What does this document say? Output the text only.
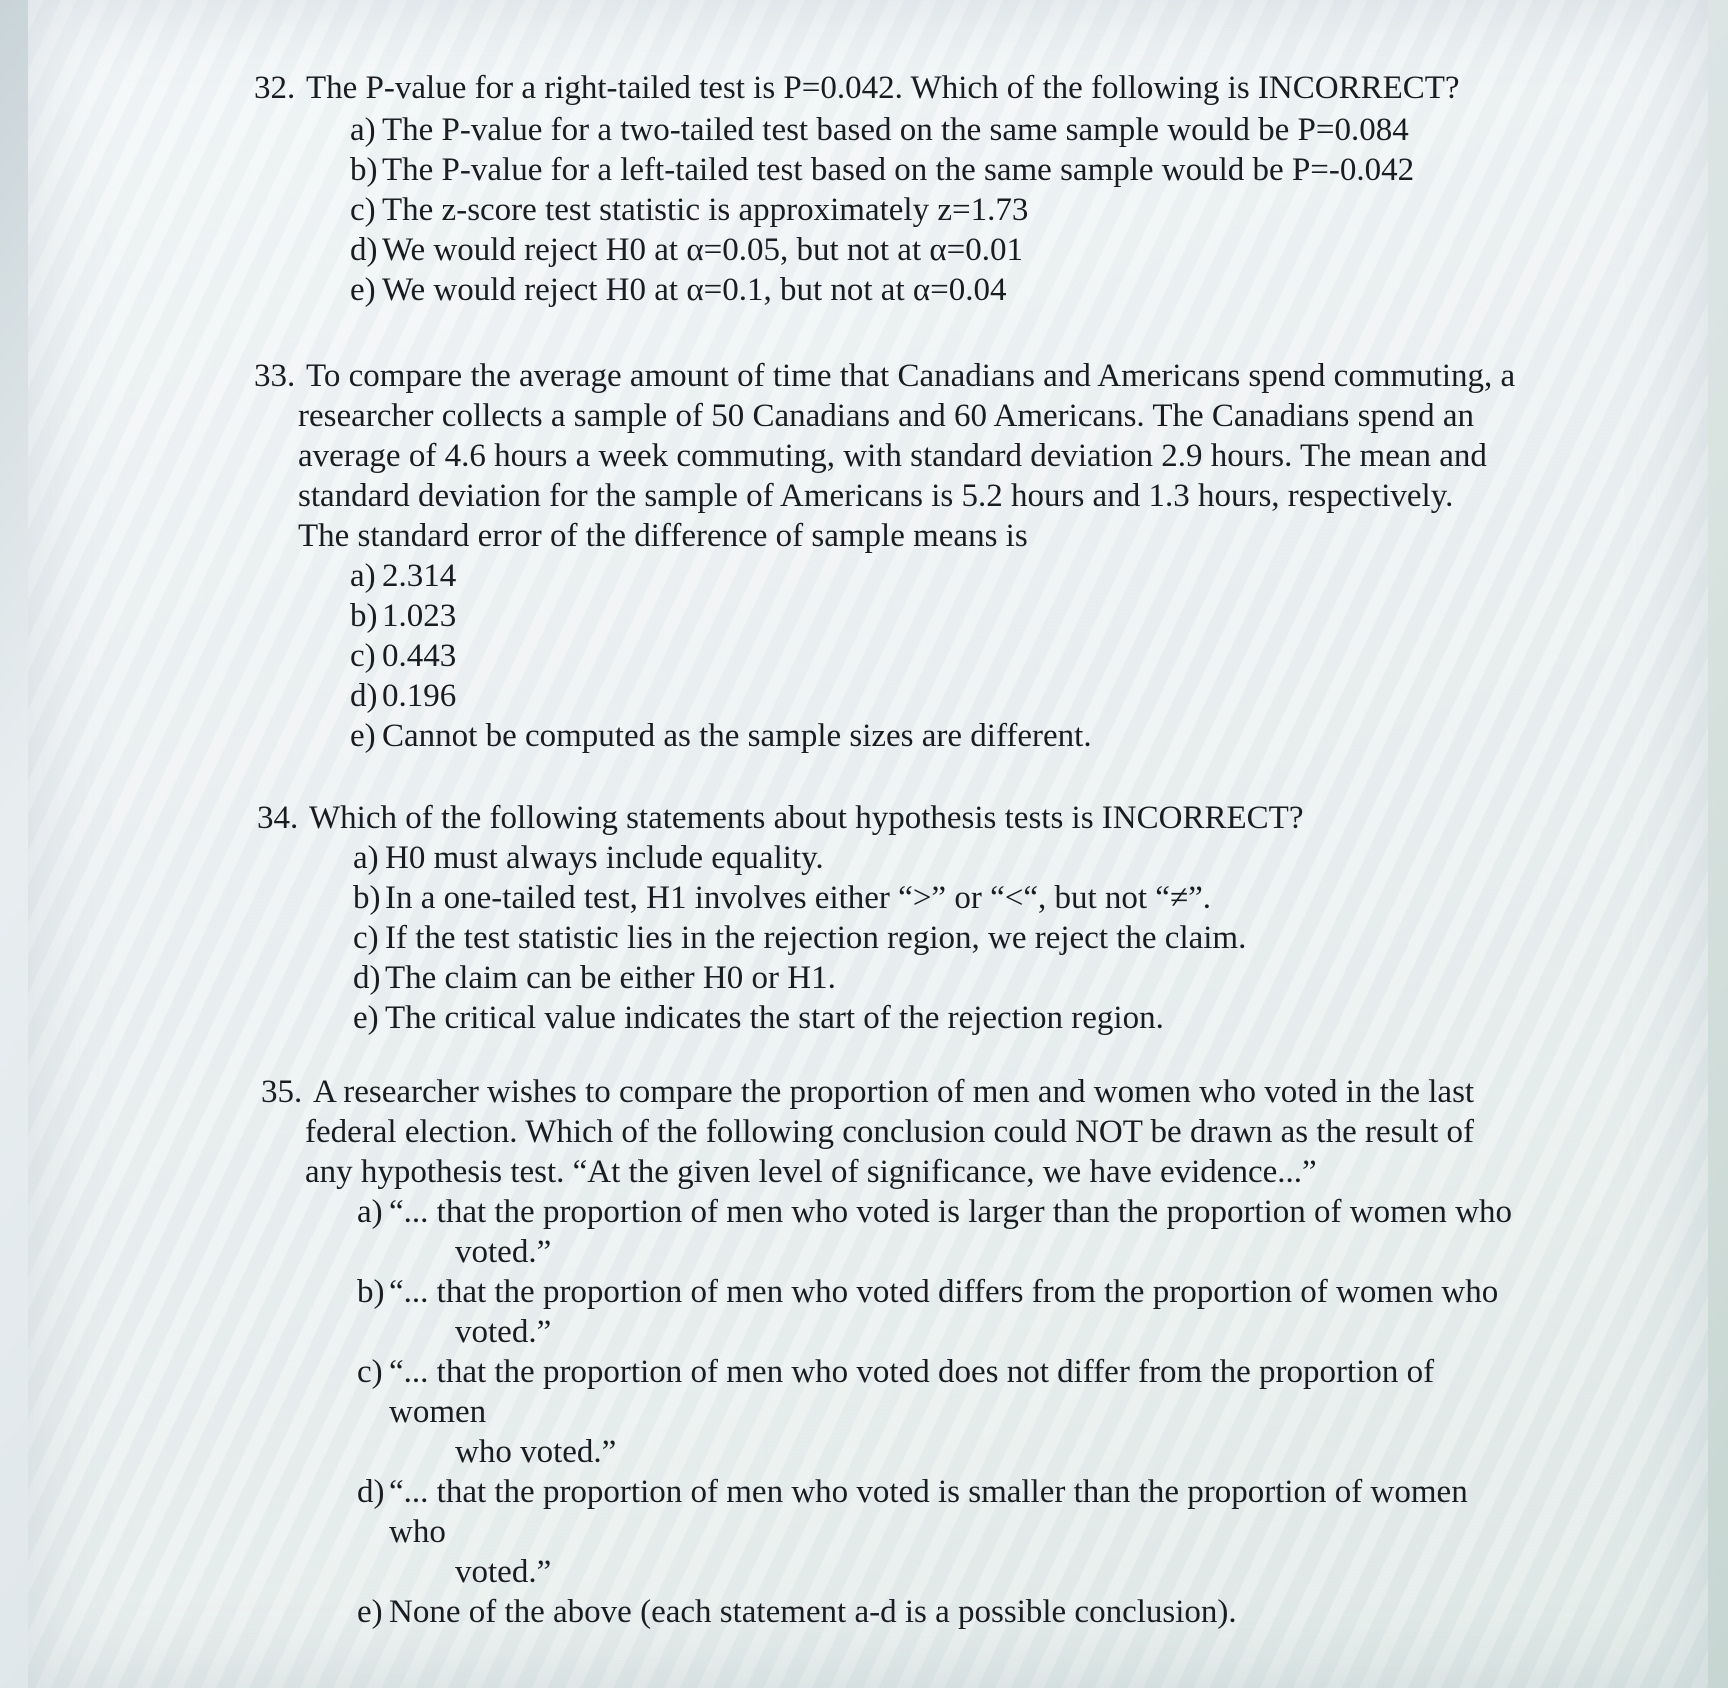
32. The P-value for a right-tailed test is P=0.042. Which of the following is INCORRECT?
a) The P-value for a two-tailed test based on the same sample would be P=0.084
b) The P-value for a left-tailed test based on the same sample would be P=-0.042
c) The z-score test statistic is approximately z=1.73
d) We would reject H0 at α=0.05, but not at α=0.01
e) We would reject H0 at α=0.1, but not at α=0.04
33. To compare the average amount of time that Canadians and Americans spend commuting, a
researcher collects a sample of 50 Canadians and 60 Americans. The Canadians spend an
average of 4.6 hours a week commuting, with standard deviation 2.9 hours. The mean and
standard deviation for the sample of Americans is 5.2 hours and 1.3 hours, respectively.
The standard error of the difference of sample means is
a) 2.314
b) 1.023
c) 0.443
d) 0.196
e) Cannot be computed as the sample sizes are different.
34. Which of the following statements about hypothesis tests is INCORRECT?
a) H0 must always include equality.
b) In a one-tailed test, H1 involves either “>” or “<“, but not “≠”.
c) If the test statistic lies in the rejection region, we reject the claim.
d) The claim can be either H0 or H1.
e) The critical value indicates the start of the rejection region.
35. A researcher wishes to compare the proportion of men and women who voted in the last
federal election. Which of the following conclusion could NOT be drawn as the result of
any hypothesis test. “At the given level of significance, we have evidence...”
a) “... that the proportion of men who voted is larger than the proportion of women who
voted.”
b) “... that the proportion of men who voted differs from the proportion of women who
voted.”
c) “... that the proportion of men who voted does not differ from the proportion of women
who voted.”
d) “... that the proportion of men who voted is smaller than the proportion of women who
voted.”
e) None of the above (each statement a-d is a possible conclusion).
